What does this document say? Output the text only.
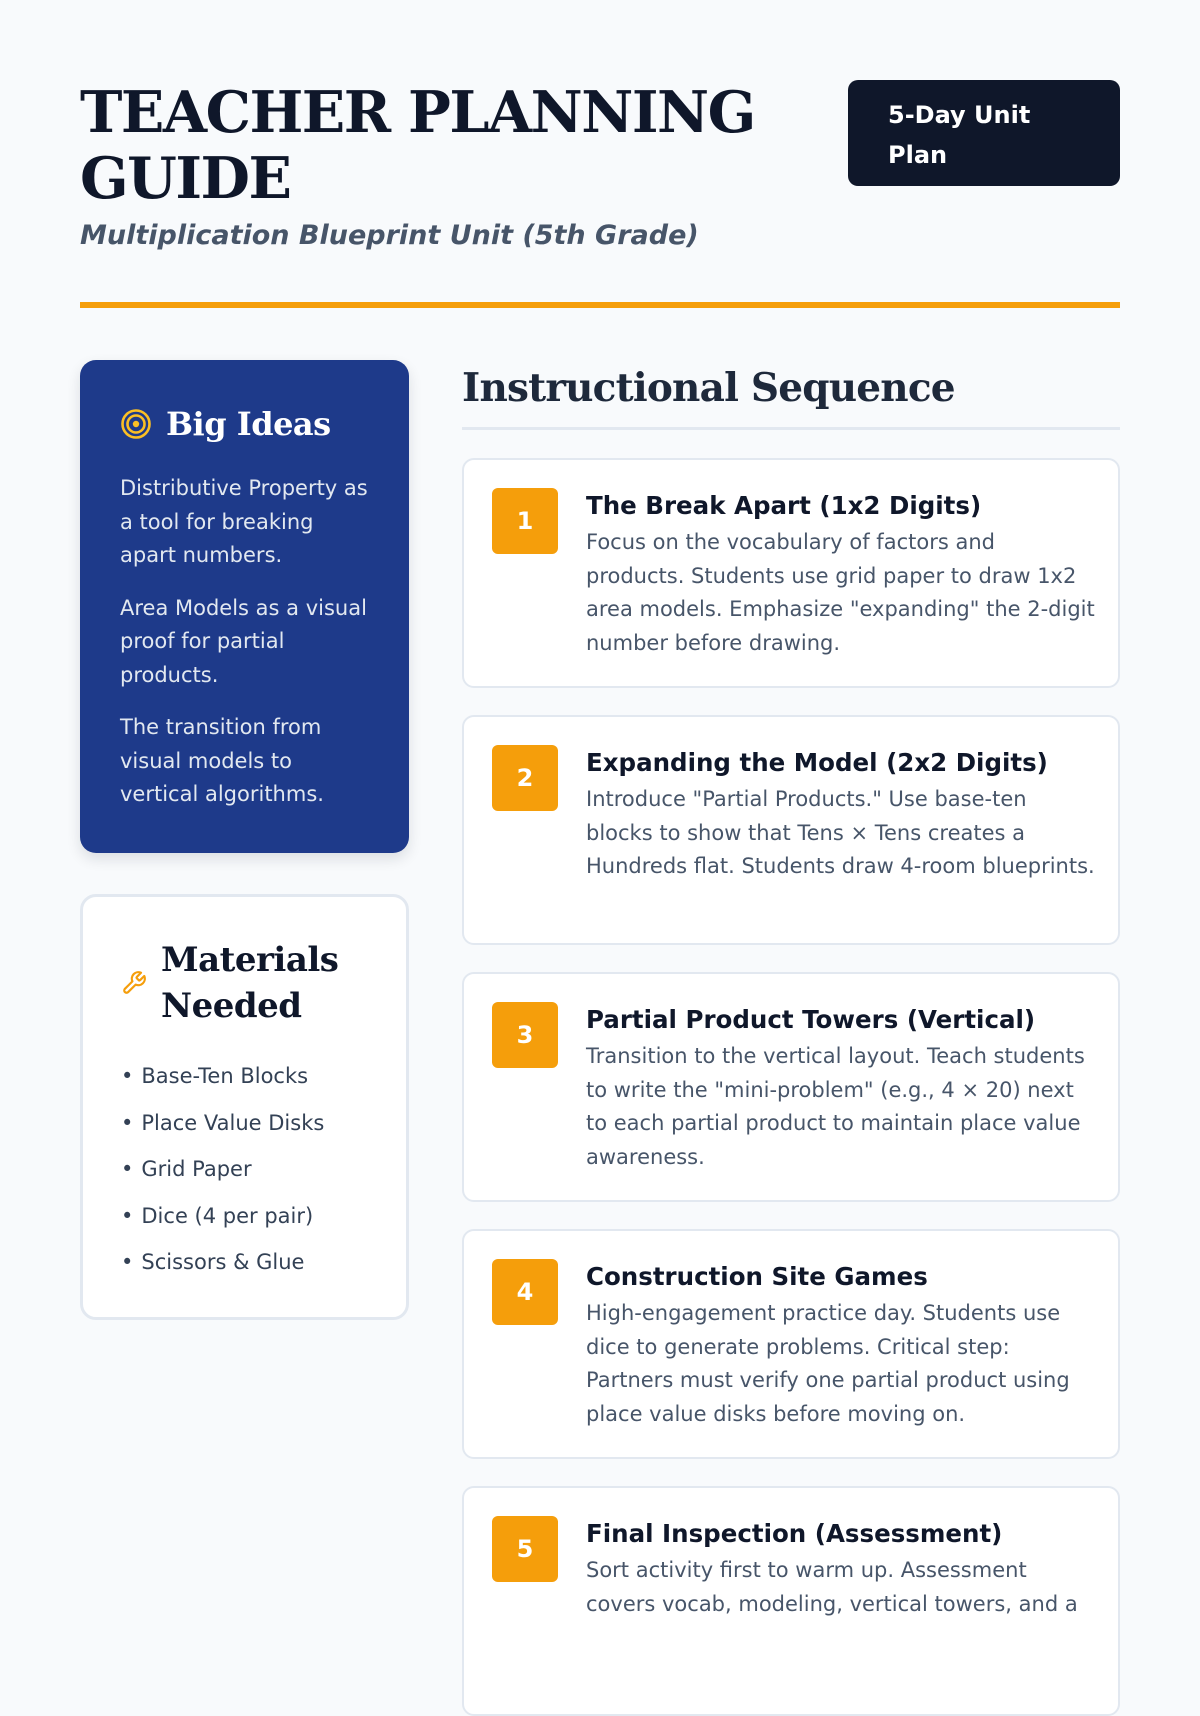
TEACHER PLANNING GUIDE
Multiplication Blueprint Unit (5th Grade)
5-Day Unit Plan
Big Ideas

Distributive Property as a tool for breaking apart numbers.

Area Models as a visual proof for partial products.

The transition from visual models to vertical algorithms.

Materials Needed
• Base-Ten Blocks
• Place Value Disks
• Grid Paper
• Dice (4 per pair)
• Scissors & Glue
Instructional Sequence
1
The Break Apart (1x2 Digits)
Focus on the vocabulary of factors and products. Students use grid paper to draw 1x2 area models. Emphasize "expanding" the 2-digit number before drawing.
2
Expanding the Model (2x2 Digits)
Introduce "Partial Products." Use base-ten blocks to show that Tens × Tens creates a Hundreds flat. Students draw 4-room blueprints.
3
Partial Product Towers (Vertical)
Transition to the vertical layout. Teach students to write the "mini-problem" (e.g., 4 × 20) next to each partial product to maintain place value awareness.
4
Construction Site Games
High-engagement practice day. Students use dice to generate problems. Critical step: Partners must verify one partial product using place value disks before moving on.
5
Final Inspection (Assessment)
Sort activity first to warm up. Assessment covers vocab, modeling, vertical towers, and a
